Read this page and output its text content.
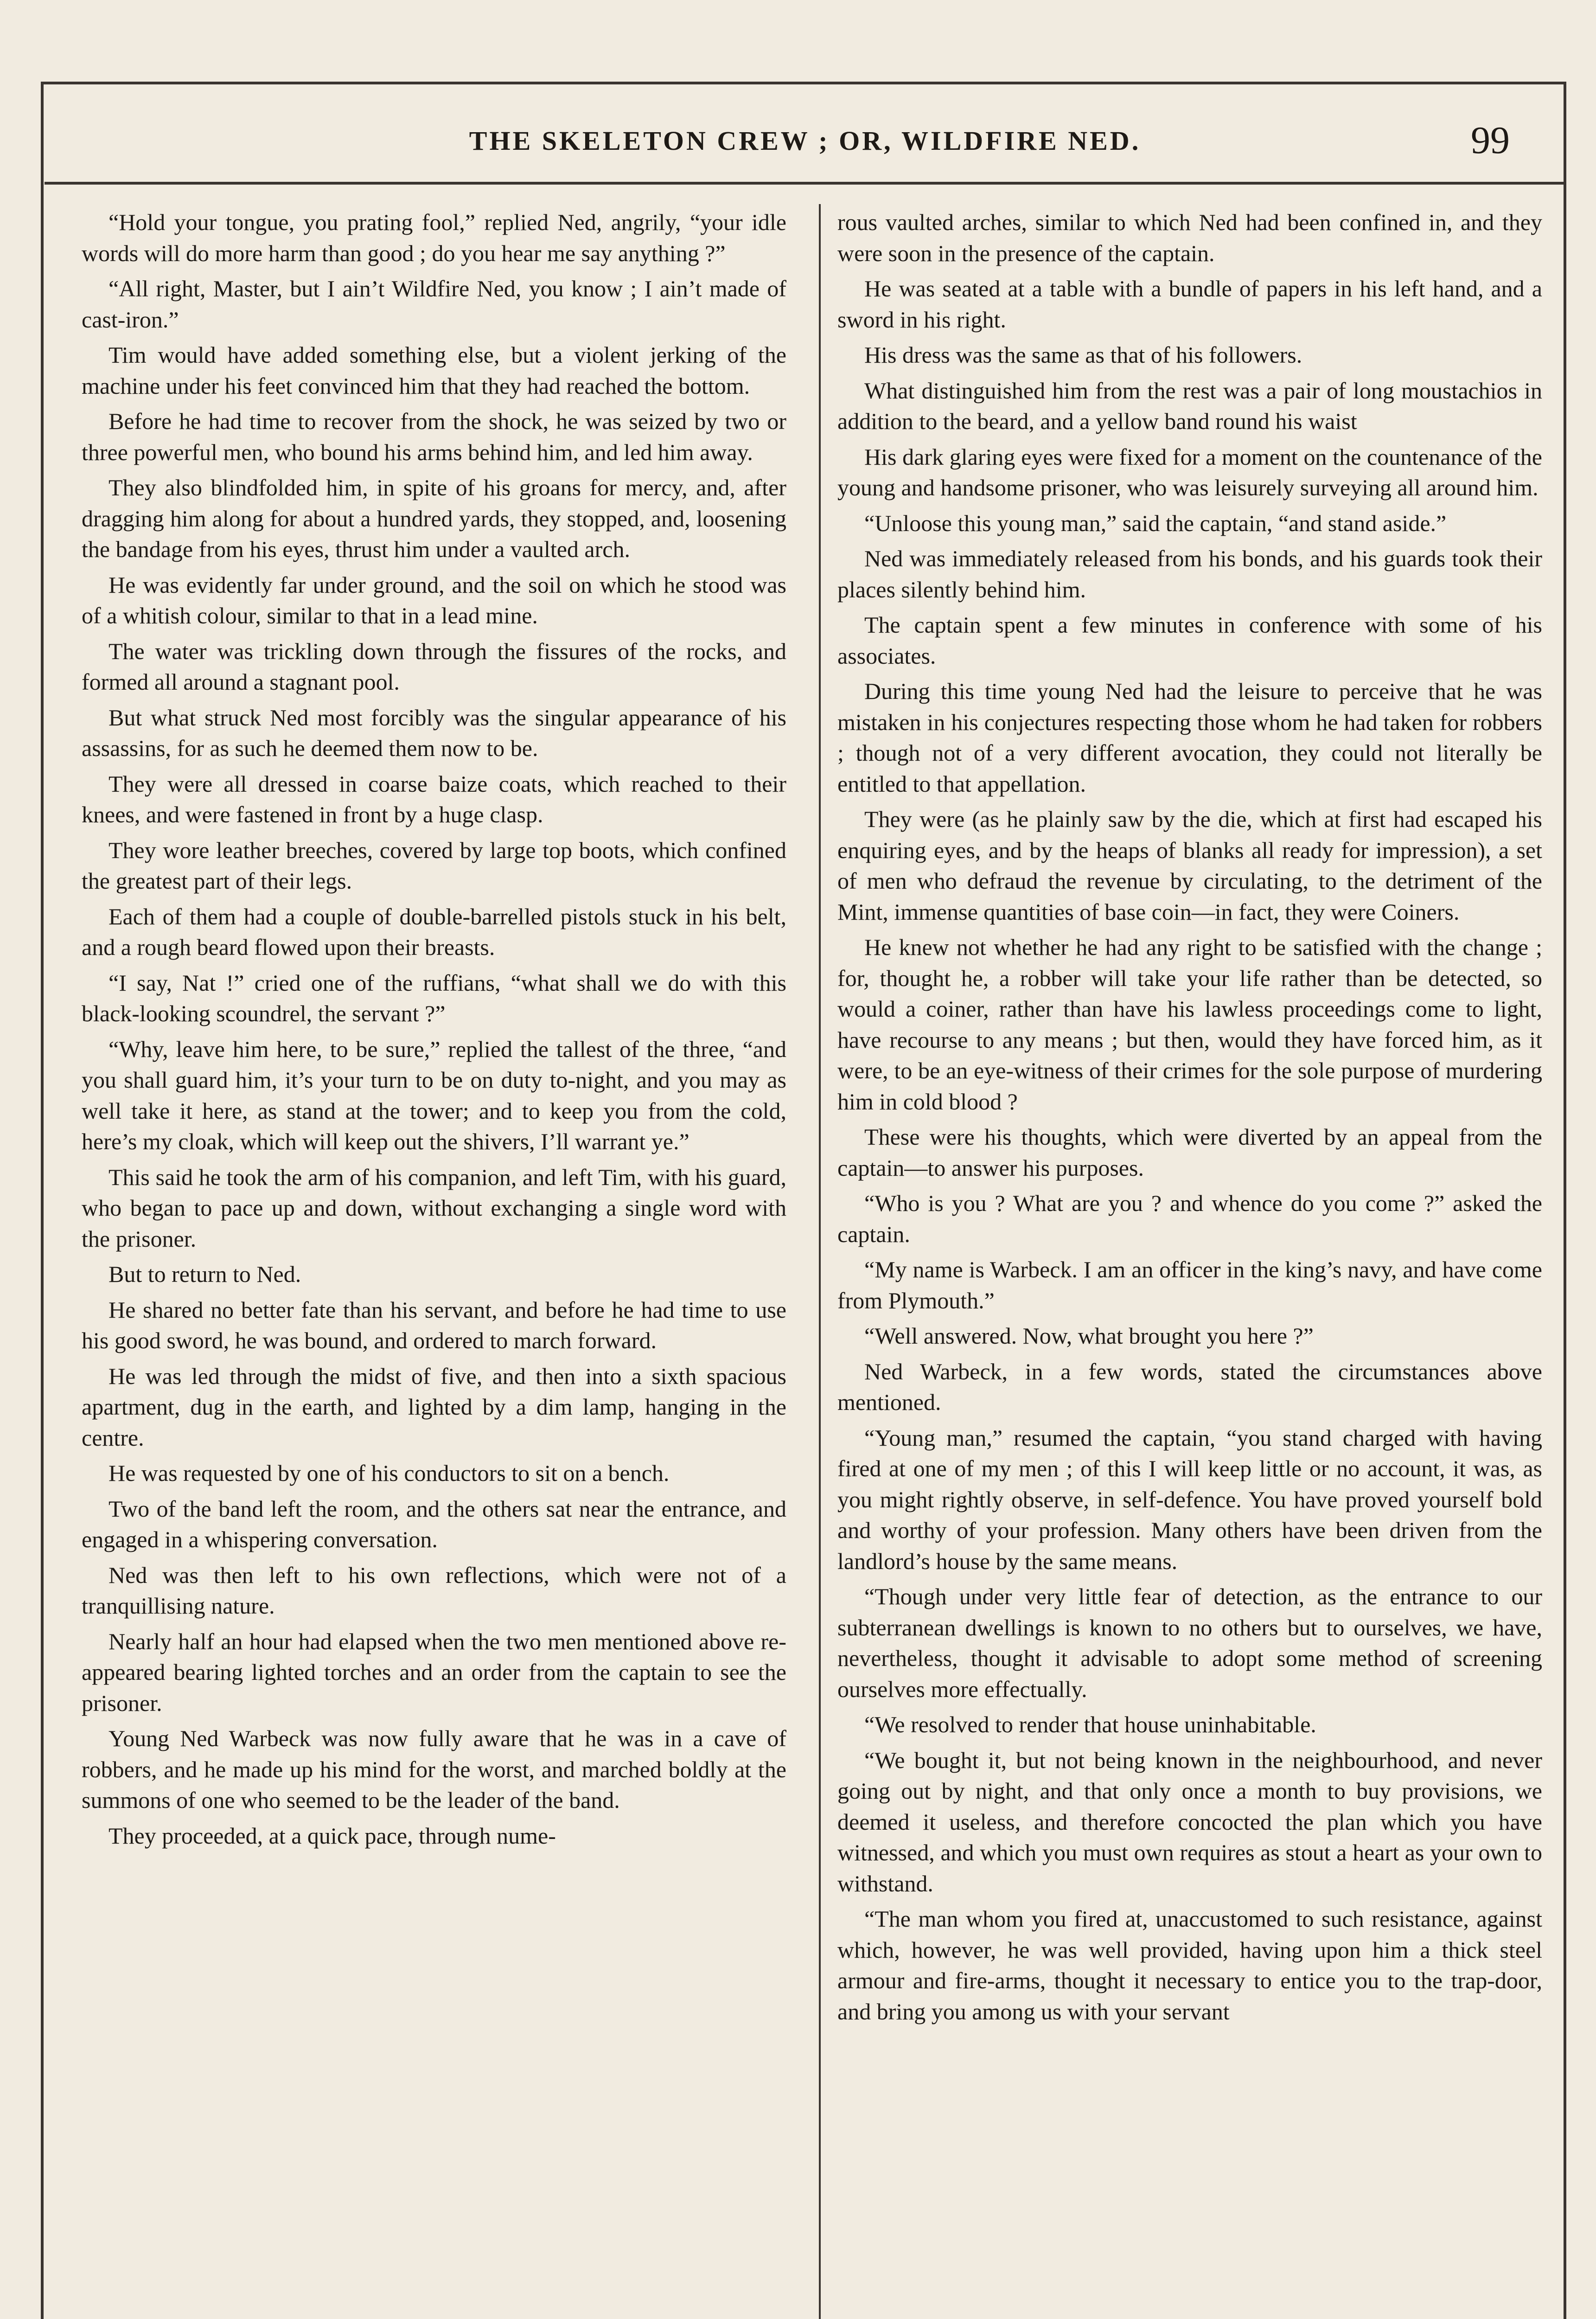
THE SKELETON CREW ; OR, WILDFIRE NED.	99

“Hold your tongue, you prating fool,” replied Ned, angrily, “your idle words will do more harm than good ; do you hear me say anything ?”

“All right, Master, but I ain’t Wildfire Ned, you know ; I ain’t made of cast-iron.”

Tim would have added something else, but a violent jerking of the machine under his feet convinced him that they had reached the bottom.

Before he had time to recover from the shock, he was seized by two or three powerful men, who bound his arms behind him, and led him away.

They also blindfolded him, in spite of his groans for mercy, and, after dragging him along for about a hundred yards, they stopped, and, loosening the bandage from his eyes, thrust him under a vaulted arch.

He was evidently far under ground, and the soil on which he stood was of a whitish colour, similar to that in a lead mine.

The water was trickling down through the fissures of the rocks, and formed all around a stagnant pool.

But what struck Ned most forcibly was the singular appearance of his assassins, for as such he deemed them now to be.

They were all dressed in coarse baize coats, which reached to their knees, and were fastened in front by a huge clasp.

They wore leather breeches, covered by large top boots, which confined the greatest part of their legs.

Each of them had a couple of double-barrelled pistols stuck in his belt, and a rough beard flowed upon their breasts.

“I say, Nat !” cried one of the ruffians, “what shall we do with this black-looking scoundrel, the servant ?”

“Why, leave him here, to be sure,” replied the tallest of the three, “and you shall guard him, it’s your turn to be on duty to-night, and you may as well take it here, as stand at the tower; and to keep you from the cold, here’s my cloak, which will keep out the shivers, I’ll warrant ye.”

This said he took the arm of his companion, and left Tim, with his guard, who began to pace up and down, without exchanging a single word with the prisoner.

But to return to Ned.

He shared no better fate than his servant, and before he had time to use his good sword, he was bound, and ordered to march forward.

He was led through the midst of five, and then into a sixth spacious apartment, dug in the earth, and lighted by a dim lamp, hanging in the centre.

He was requested by one of his conductors to sit on a bench.

Two of the band left the room, and the others sat near the entrance, and engaged in a whispering conversation.

Ned was then left to his own reflections, which were not of a tranquillising nature.

Nearly half an hour had elapsed when the two men mentioned above re-appeared bearing lighted torches and an order from the captain to see the prisoner.

Young Ned Warbeck was now fully aware that he was in a cave of robbers, and he made up his mind for the worst, and marched boldly at the summons of one who seemed to be the leader of the band.

They proceeded, at a quick pace, through nume-

rous vaulted arches, similar to which Ned had been confined in, and they were soon in the presence of the captain.

He was seated at a table with a bundle of papers in his left hand, and a sword in his right.

His dress was the same as that of his followers.

What distinguished him from the rest was a pair of long moustachios in addition to the beard, and a yellow band round his waist

His dark glaring eyes were fixed for a moment on the countenance of the young and handsome prisoner, who was leisurely surveying all around him.

“Unloose this young man,” said the captain, “and stand aside.”

Ned was immediately released from his bonds, and his guards took their places silently behind him.

The captain spent a few minutes in conference with some of his associates.

During this time young Ned had the leisure to perceive that he was mistaken in his conjectures respecting those whom he had taken for robbers ; though not of a very different avocation, they could not literally be entitled to that appellation.

They were (as he plainly saw by the die, which at first had escaped his enquiring eyes, and by the heaps of blanks all ready for impression), a set of men who defraud the revenue by circulating, to the detriment of the Mint, immense quantities of base coin—in fact, they were Coiners.

He knew not whether he had any right to be satisfied with the change ; for, thought he, a robber will take your life rather than be detected, so would a coiner, rather than have his lawless proceedings come to light, have recourse to any means ; but then, would they have forced him, as it were, to be an eye-witness of their crimes for the sole purpose of murdering him in cold blood ?

These were his thoughts, which were diverted by an appeal from the captain—to answer his purposes.

“Who is you ? What are you ? and whence do you come ?” asked the captain.

“My name is Warbeck. I am an officer in the king’s navy, and have come from Plymouth.”

“Well answered. Now, what brought you here ?”

Ned Warbeck, in a few words, stated the circumstances above mentioned.

“Young man,” resumed the captain, “you stand charged with having fired at one of my men ; of this I will keep little or no account, it was, as you might rightly observe, in self-defence. You have proved yourself bold and worthy of your profession. Many others have been driven from the landlord’s house by the same means.

“Though under very little fear of detection, as the entrance to our subterranean dwellings is known to no others but to ourselves, we have, nevertheless, thought it advisable to adopt some method of screening ourselves more effectually.

“We resolved to render that house uninhabitable.

“We bought it, but not being known in the neighbourhood, and never going out by night, and that only once a month to buy provisions, we deemed it useless, and therefore concocted the plan which you have witnessed, and which you must own requires as stout a heart as your own to withstand.

“The man whom you fired at, unaccustomed to such resistance, against which, however, he was well provided, having upon him a thick steel armour and fire-arms, thought it necessary to entice you to the trap-door, and bring you among us with your servant
